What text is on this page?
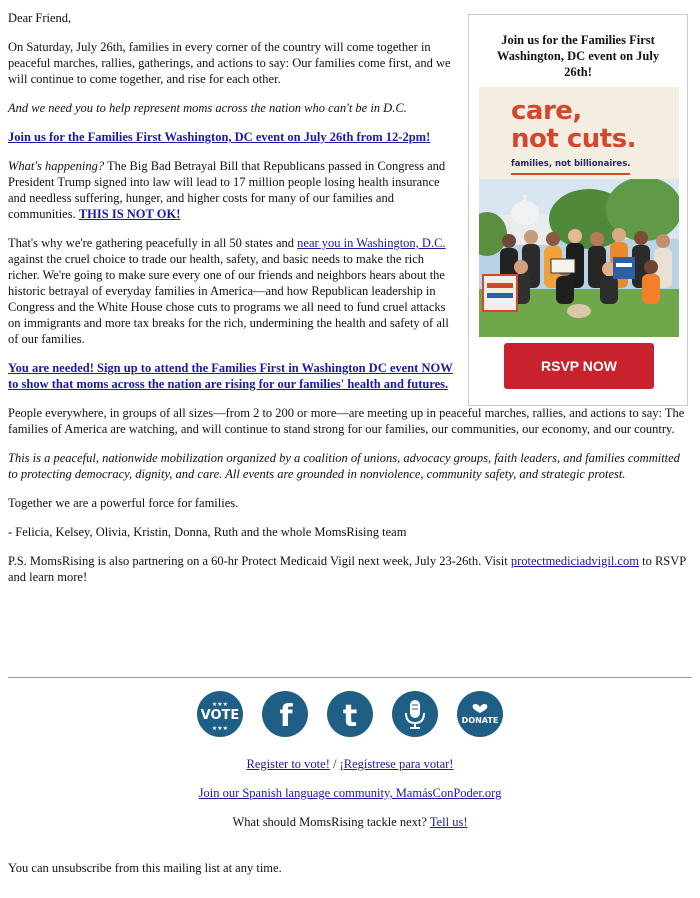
Dear Friend,

On Saturday, July 26th, families in every corner of the country will come together in peaceful marches, rallies, gatherings, and actions to say: Our families come first, and we will continue to come together, and rise for each other.

And we need you to help represent moms across the nation who can't be in D.C.

Join us for the Families First Washington, DC event on July 26th from 12-2pm!

What's happening? The Big Bad Betrayal Bill that Republicans passed in Congress and President Trump signed into law will lead to 17 million people losing health insurance and needless suffering, hunger, and higher costs for many of our families and communities. THIS IS NOT OK!

That's why we're gathering peacefully in all 50 states and near you in Washington, D.C. against the cruel choice to trade our health, safety, and basic needs to make the rich richer. We're going to make sure every one of our friends and neighbors hears about the historic betrayal of everyday families in America—and how Republican leadership in Congress and the White House chose cuts to programs we all need to fund cruel attacks on immigrants and more tax breaks for the rich, undermining the health and safety of all of our families.

You are needed! Sign up to attend the Families First in Washington DC event NOW to show that moms across the nation are rising for our families' health and futures.

People everywhere, in groups of all sizes—from 2 to 200 or more—are meeting up in peaceful marches, rallies, and actions to say: The families of America are watching, and will continue to stand strong for our families, our communities, our economy, and our country.

This is a peaceful, nationwide mobilization organized by a coalition of unions, advocacy groups, faith leaders, and families committed to protecting democracy, dignity, and care. All events are grounded in nonviolence, community safety, and strategic protest.

Together we are a powerful force for families.

- Felicia, Kelsey, Olivia, Kristin, Donna, Ruth and the whole MomsRising team

P.S. MomsRising is also partnering on a 60-hr Protect Medicaid Vigil next week, July 23-26th. Visit protectmediciadvigil.com to RSVP and learn more!

Join us for the Families First Washington, DC event on July 26th!
care,
not cuts.
families, not billionaires.
RSVP NOW
VOTE
★★★
★★★
f
t
	DONATE

Register to vote! / ¡Regístrese para votar!

Join our Spanish language community, MamásConPoder.org

What should MomsRising tackle next? Tell us!

You can unsubscribe from this mailing list at any time.
